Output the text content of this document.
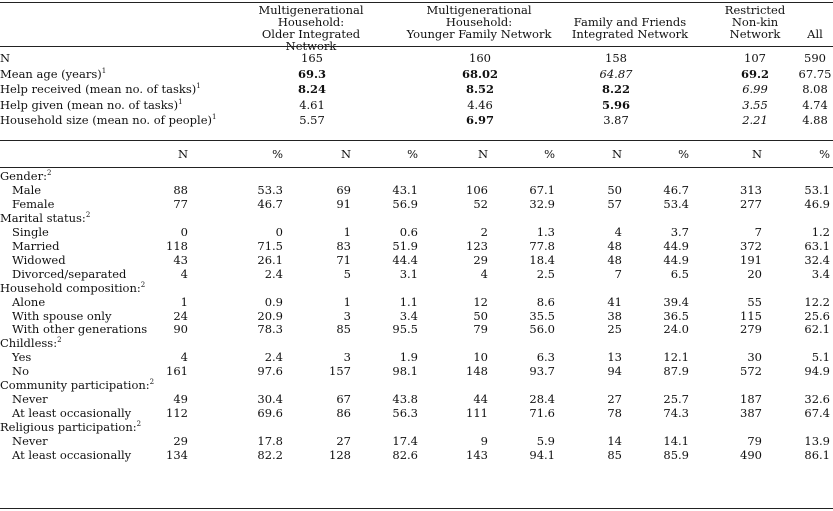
Multigenerational
Household:
Older Integrated Network
Multigenerational
Household:
Younger Family Network
Family and Friends
Integrated Network
Restricted
Non-kin
Network	All
N	165	160	158	107	590
Mean age (years)$^1$	69.3	68.02	64.87	69.2	67.75
Help received (mean no. of tasks)$^1$	8.24	8.52	8.22	6.99	8.08
Help given (mean no. of tasks)$^1$	4.61	4.46	5.96	3.55	4.74
Household size (mean no. of people)$^1$	5.57	6.97	3.87	2.21	4.88
N	%	N	%	N	%	N	%	N	%
Gender:$^2$
Male	88	53.3	69	43.1	106	67.1	50	46.7	313	53.1
Female	77	46.7	91	56.9	52	32.9	57	53.4	277	46.9
Marital status:$^2$
Single	0	0	1	0.6	2	1.3	4	3.7	7	1.2
Married	118	71.5	83	51.9	123	77.8	48	44.9	372	63.1
Widowed	43	26.1	71	44.4	29	18.4	48	44.9	191	32.4
Divorced/separated	4	2.4	5	3.1	4	2.5	7	6.5	20	3.4
Household composition:$^2$
Alone	1	0.9	1	1.1	12	8.6	41	39.4	55	12.2
With spouse only	24	20.9	3	3.4	50	35.5	38	36.5	115	25.6
With other generations	90	78.3	85	95.5	79	56.0	25	24.0	279	62.1
Childless:$^2$
Yes	4	2.4	3	1.9	10	6.3	13	12.1	30	5.1
No	161	97.6	157	98.1	148	93.7	94	87.9	572	94.9
Community participation:$^2$
Never	49	30.4	67	43.8	44	28.4	27	25.7	187	32.6
At least occasionally	112	69.6	86	56.3	111	71.6	78	74.3	387	67.4
Religious participation:$^2$
Never	29	17.8	27	17.4	9	5.9	14	14.1	79	13.9
At least occasionally	134	82.2	128	82.6	143	94.1	85	85.9	490	86.1
